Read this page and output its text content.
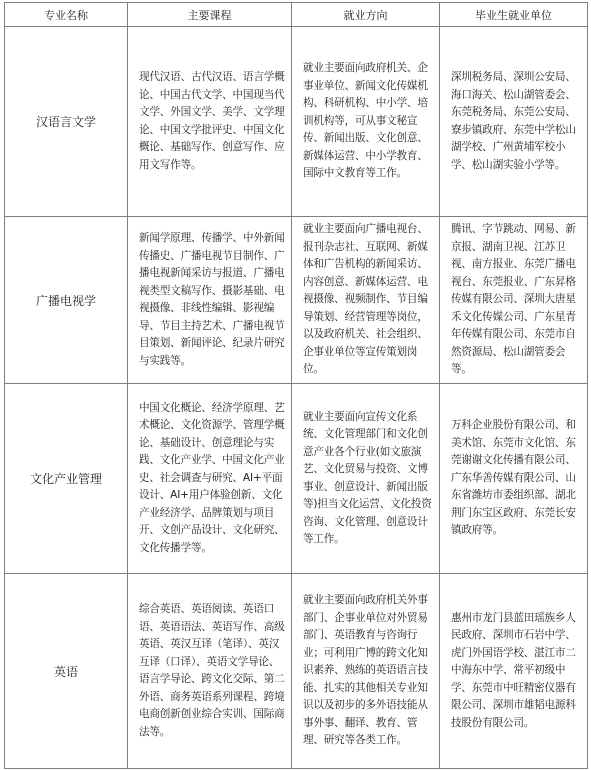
专业名称	主要课程	就业方向	毕业生就业单位
汉语言文学	现代汉语、古代汉语、语言学概论、中国古代文学、中国现当代文学、外国文学、美学、文学理论、中国文学批评史、中国文化概论、基础写作、创意写作、应用文写作等。	就业主要面向政府机关、企事业单位、新闻文化传媒机构、科研机构、中小学、培训机构等，可从事文秘宣传、新闻出版、文化创意、新媒体运营、中小学教育、国际中文教育等工作。	深圳税务局、深圳公安局、海口海关、松山湖管委会、东莞税务局、东莞公安局、寮步镇政府、东莞中学松山湖学校、广州黄埔军校小学、松山湖实验小学等。

广播电视学	新闻学原理、传播学、中外新闻传播史、广播电视节目制作、广播电视新闻采访与报道、广播电视类型文稿写作、摄影基础、电视摄像、非线性编辑、影视编导、节目主持艺术、广播电视节目策划、新闻评论、纪录片研究与实践等。	就业主要面向广播电视台、报刊杂志社、互联网、新媒体和广告机构的新闻采访、内容创意、新媒体运营、电视摄像、视频制作、节目编导策划、经营管理等岗位，以及政府机关、社会组织、企事业单位等宣传策划岗位。	腾讯、字节跳动、网易、新京报、湖南卫视、江苏卫视、南方报业、东莞广播电视台、东莞报业、广东昇格传媒有限公司、深圳大唐星禾文化传媒公司、广东星青年传媒有限公司、东莞市自然资源局、松山湖管委会等。

文化产业管理	中国文化概论、经济学原理、艺术概论、文化资源学、管理学概论、基础设计、创意理论与实践、文化产业学、中国文化产业史、社会调查与研究、AI+平面设计、AI+用户体验创新、文化产业经济学、品牌策划与项目开、文创产品设计、文化研究、文化传播学等。	就业主要面向宣传文化系统、文化管理部门和文化创意产业各个行业(如文旅演艺、文化贸易与投资、文博事业、创意设计、新闻出版等)担当文化运营、文化投资咨询、文化管理、创意设计等工作。	万科企业股份有限公司、和美术馆、东莞市文化馆、东莞谢谢文化传播有限公司、广东华善传媒有限公司、山东省潍坊市委组织部、湖北荆门东宝区政府、东莞长安镇政府等。

英语	综合英语、英语阅读、英语口语、英语语法、英语写作、高级英语、英汉互译（笔译）、英汉互译（口译）、英语文学导论、语言学导论、跨文化交际、第二外语、商务英语系列课程、跨境电商创新创业综合实训、国际商法等。	就业主要面向政府机关外事部门、企事业单位对外贸易部门、英语教育与咨询行业；可利用广博的跨文化知识素养、熟练的英语语言技能、扎实的其他相关专业知识以及初步的多外语技能从事外事、翻译、教育、管理、研究等各类工作。	惠州市龙门县蓝田瑶族乡人民政府、深圳市石岩中学、虎门外国语学校、湛江市二中海东中学、常平初级中学、东莞市中旺精密仪器有限公司、深圳市雄韬电源科技股份有限公司。
